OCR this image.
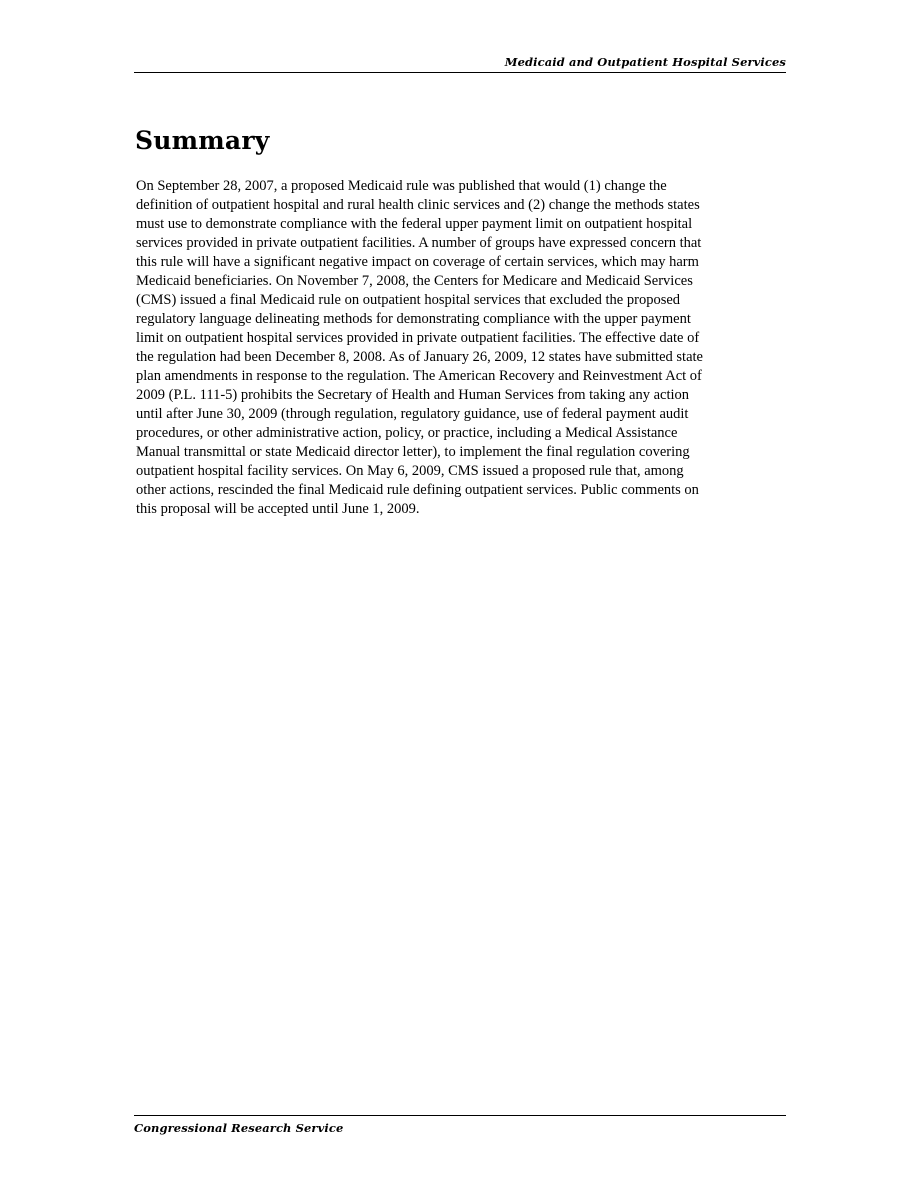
Medicaid and Outpatient Hospital Services
Summary

On September 28, 2007, a proposed Medicaid rule was published that would (1) change the
definition of outpatient hospital and rural health clinic services and (2) change the methods states
must use to demonstrate compliance with the federal upper payment limit on outpatient hospital
services provided in private outpatient facilities. A number of groups have expressed concern that
this rule will have a significant negative impact on coverage of certain services, which may harm
Medicaid beneficiaries. On November 7, 2008, the Centers for Medicare and Medicaid Services
(CMS) issued a final Medicaid rule on outpatient hospital services that excluded the proposed
regulatory language delineating methods for demonstrating compliance with the upper payment
limit on outpatient hospital services provided in private outpatient facilities. The effective date of
the regulation had been December 8, 2008. As of January 26, 2009, 12 states have submitted state
plan amendments in response to the regulation. The American Recovery and Reinvestment Act of
2009 (P.L. 111-5) prohibits the Secretary of Health and Human Services from taking any action
until after June 30, 2009 (through regulation, regulatory guidance, use of federal payment audit
procedures, or other administrative action, policy, or practice, including a Medical Assistance
Manual transmittal or state Medicaid director letter), to implement the final regulation covering
outpatient hospital facility services. On May 6, 2009, CMS issued a proposed rule that, among
other actions, rescinded the final Medicaid rule defining outpatient services. Public comments on
this proposal will be accepted until June 1, 2009.

Congressional Research Service
